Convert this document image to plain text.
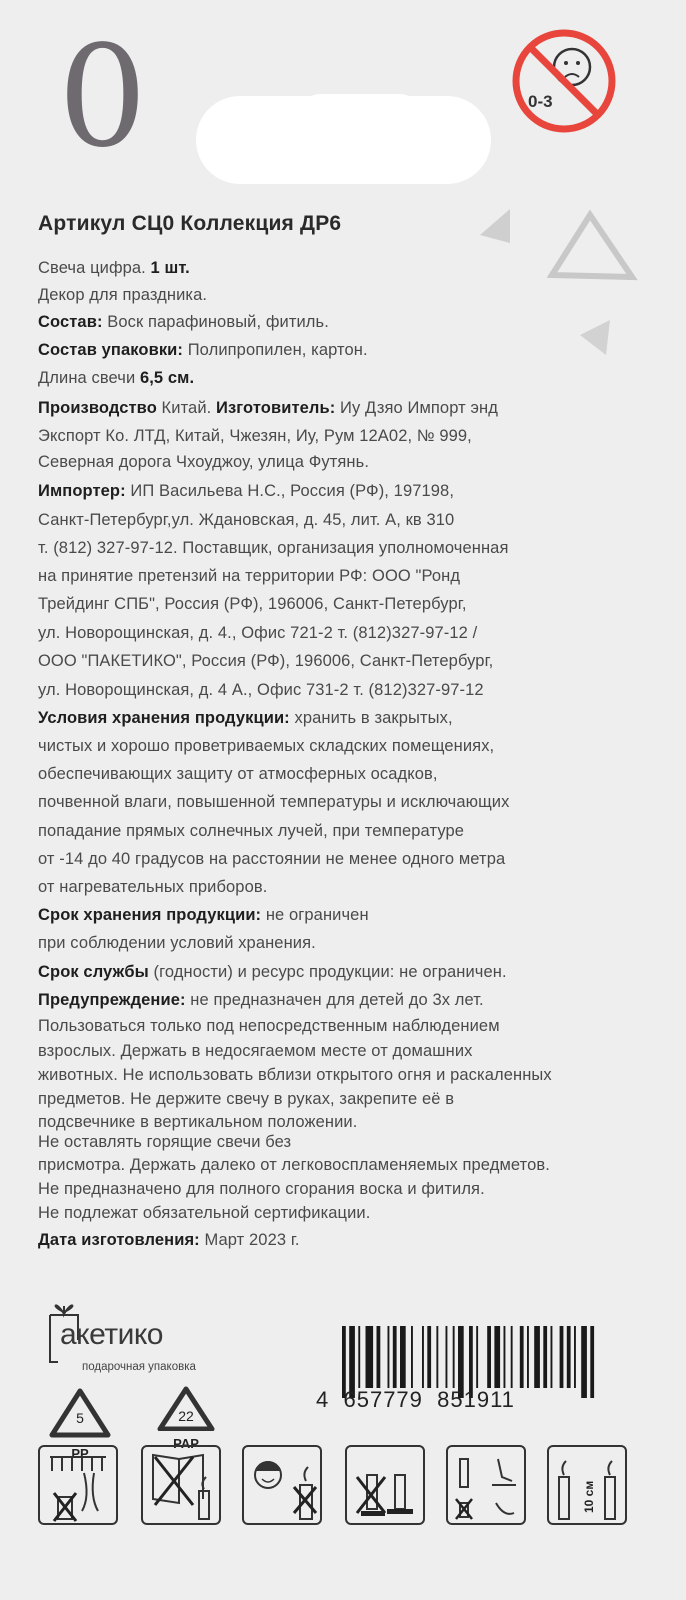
0	0-3
Артикул СЦ0 Коллекция ДР6
Свеча цифра. 1 шт.
Декор для праздника.
Состав: Воск парафиновый, фитиль.
Состав упаковки: Полипропилен, картон.
Длина свечи 6,5 см.
Производство Китай. Изготовитель: Иу Дзяо Импорт энд
Экспорт Ко. ЛТД, Китай, Чжезян, Иу, Рум 12А02, № 999,
Северная дорога Чхоуджоу, улица Футянь.
Импортер: ИП Васильева Н.С., Россия (РФ), 197198,
Санкт-Петербург,ул. Ждановская, д. 45, лит. А, кв 310
т. (812) 327-97-12. Поставщик, организация уполномоченная
на принятие претензий на территории РФ: ООО "Ронд
Трейдинг СПБ", Россия (РФ), 196006, Санкт-Петербург,
ул. Новорощинская, д. 4., Офис 721-2 т. (812)327-97-12 /
ООО "ПАКЕТИКО", Россия (РФ), 196006, Санкт-Петербург,
ул. Новорощинская, д. 4 А., Офис 731-2 т. (812)327-97-12
Условия хранения продукции: хранить в закрытых,
чистых и хорошо проветриваемых складских помещениях,
обеспечивающих защиту от атмосферных осадков,
почвенной влаги, повышенной температуры и исключающих
попадание прямых солнечных лучей, при температуре
от -14 до 40 градусов на расстоянии не менее одного метра
от нагревательных приборов.
Срок хранения продукции: не ограничен
при соблюдении условий хранения.
Срок службы (годности) и ресурс продукции: не ограничен.
Предупреждение: не предназначен для детей до 3х лет.
Пользоваться только под непосредственным наблюдением
взрослых. Держать в недосягаемом месте от домашних
животных. Не использовать вблизи открытого огня и раскаленных
предметов. Не держите свечу в руках, закрепите её в
подсвечнике в вертикальном положении.
Не оставлять горящие свечи без
присмотра. Держать далеко от легковоспламеняемых предметов.
Не предназначено для полного сгорания воска и фитиля.
Не подлежат обязательной сертификации.
Дата изготовления: Март 2023 г.
акетико
подарочная упаковка
5
PP
22
PAP
4 657779 851911
10 см
